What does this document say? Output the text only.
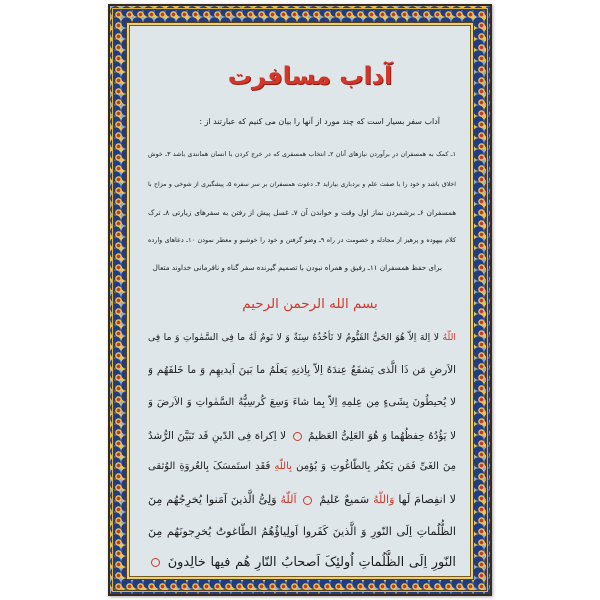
آداب مسافرت
آداب سفر بسیار است که چند مورد از آنها را بیان می کنیم که عبارتند از :
۱ـ کمک به همسفران در برآوردن نیازهای آنان ۲ـ انتخاب همسفری که در خرج کردن با انسان همانندی باشد ۳ـ خوش
اخلاق باشد و خود را با صفت علم و بردباری بیاراید ۴ـ دعوت همسفران بر سر سفره ۵ـ پیشگیری از شوخی و مزاح با
همسفران ۶ـ برشمردن نماز اول وقت و خواندن آن ۷ـ غسل پیش از رفتن به سفرهای زیارتی ۸ـ ترک
کلام بیهوده و پرهیز از مجادله و خصومت در راه ۹ـ وضو گرفتن و خود را خوشبو و معطر نمودن ۱۰ـ دعاهای وارده
برای حفظ همسفران ۱۱ـ رفیق و همراه نبودن با تصمیم گیرنده سفر گناه و نافرمانی خداوند متعال
بسم الله الرحمن الرحیم
اللّهُ لا اِلهَ اِلاّ هُوَ الحَیُّ القَیُّومُ لا تَأخُذُهُ سِنَةٌ وَ لا نَومٌ لَهُ ما فِی السَّمٰواتِ وَ ما فِی
الاَرضِ مَن ذَا الَّذی یَشفَعُ عِندَهُ اِلاّ بِاِذنِهِ یَعلَمُ ما بَینَ اَیدیهِم وَ ما خَلفَهُم وَ
لا یُحیطُونَ بِشَیءٍ مِن عِلمِهِ اِلاّ بِما شاءَ وَسِعَ کُرسِیُّهُ السَّمٰواتِ وَ الاَرضَ وَ
لا یَؤُدُهُ حِفظُهُما وَ هُوَ العَلِیُّ العَظیمُ  لا اِکراهَ فِی الدّینِ قَد تَبَیَّنَ الرُّشدُ
مِنَ الغَیِّ فَمَن یَکفُر بِالطّاغُوتِ وَ یُؤمِن بِاللّهِ فَقَدِ استَمسَکَ بِالعُروَةِ الوُثقی
لا انفِصامَ لَها وَاللّهُ سَمیعٌ عَلیمٌ  اَللّهُ وَلِیُّ الَّذینَ آمَنوا یُخرِجُهُم مِنَ
الظُّلُماتِ اِلَی النّورِ وَ الَّذینَ کَفَروا اَولِیاؤُهُمُ الطّاغوتُ یُخرِجونَهُم مِنَ
النّورِ اِلَی الظُّلُماتِ اُولئِکَ اَصحابُ النّارِ هُم فیها خالِدونَ
